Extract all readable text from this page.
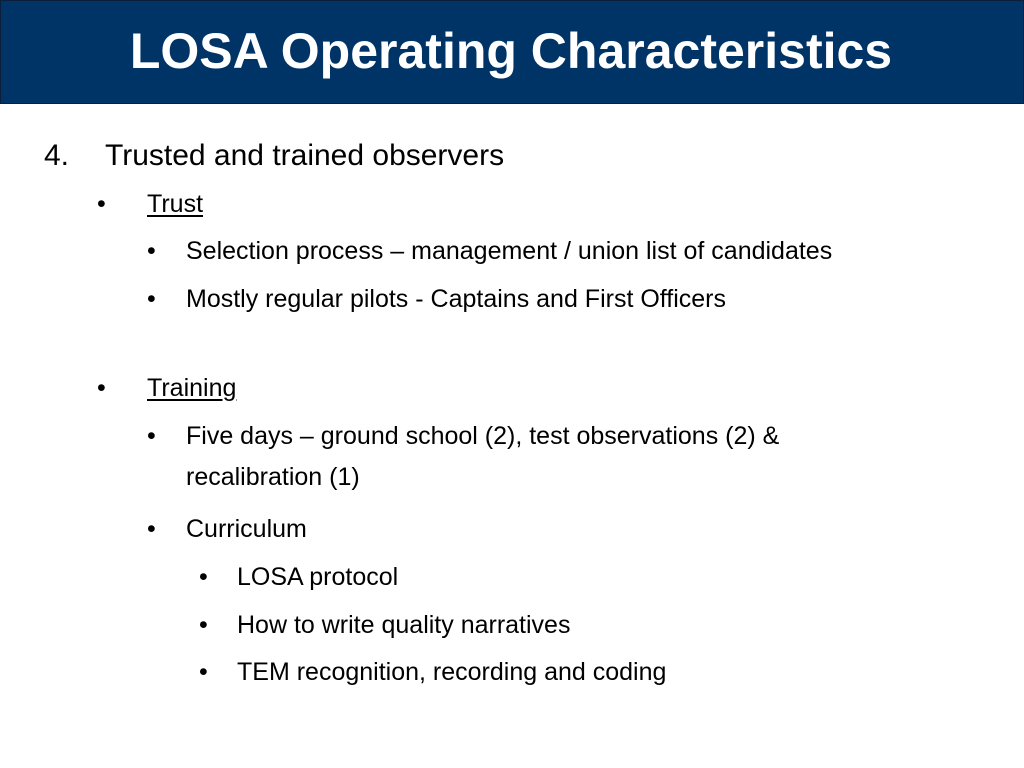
LOSA Operating Characteristics
4. Trusted and trained observers
• Trust
• Selection process – management / union list of candidates
• Mostly regular pilots - Captains and First Officers
• Training
• Five days – ground school (2), test observations (2) &
recalibration (1)
• Curriculum
• LOSA protocol
• How to write quality narratives
• TEM recognition, recording and coding
